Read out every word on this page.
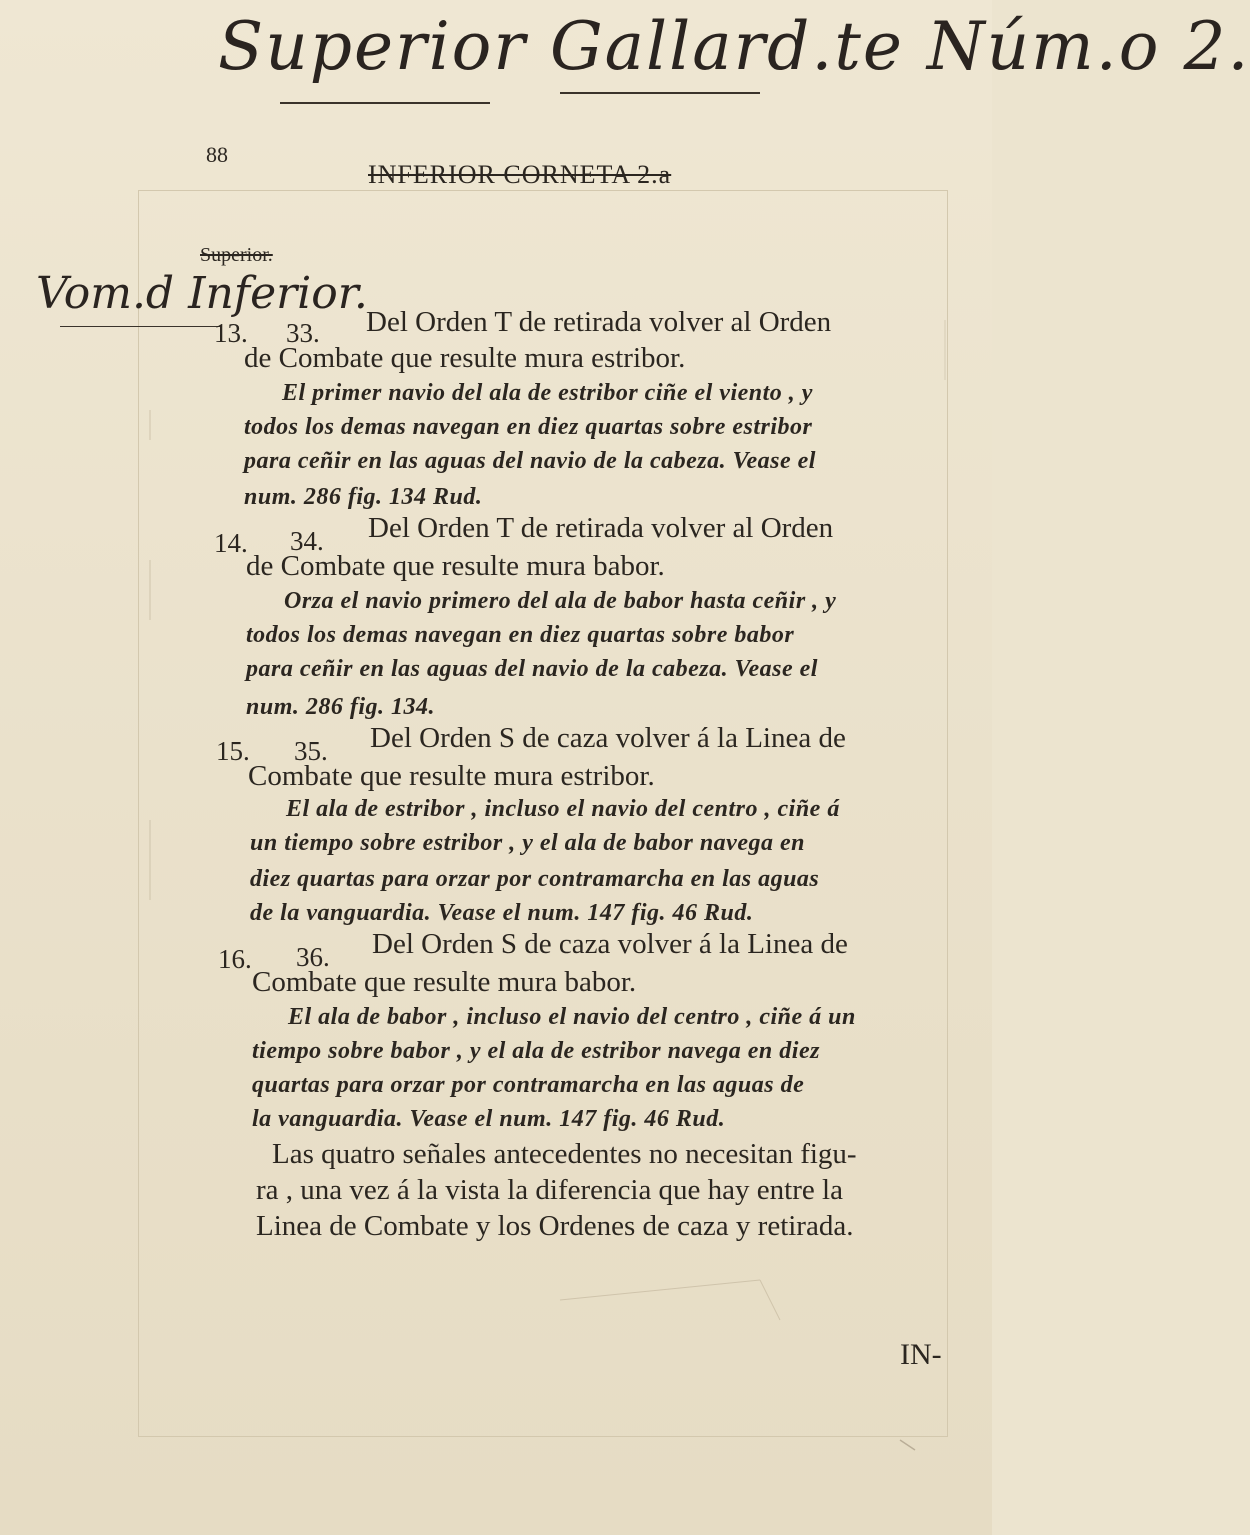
Superior Gallard.te Núm.o 2.
Vom.d Inferior.
88
INFERIOR CORNETA 2.a
Superior.
13. 33. Del Orden T de retirada volver al Orden
de Combate que resulte mura estribor.
El primer navio del ala de estribor ciñe el viento , y
todos los demas navegan en diez quartas sobre estribor
para ceñir en las aguas del navio de la cabeza. Vease el
num. 286 fig. 134 Rud.
14. 34. Del Orden T de retirada volver al Orden
de Combate que resulte mura babor.
Orza el navio primero del ala de babor hasta ceñir , y
todos los demas navegan en diez quartas sobre babor
para ceñir en las aguas del navio de la cabeza. Vease el
num. 286 fig. 134.
15. 35. Del Orden S de caza volver á la Linea de
Combate que resulte mura estribor.
El ala de estribor , incluso el navio del centro , ciñe á
un tiempo sobre estribor , y el ala de babor navega en
diez quartas para orzar por contramarcha en las aguas
de la vanguardia. Vease el num. 147 fig. 46 Rud.
16. 36. Del Orden S de caza volver á la Linea de
Combate que resulte mura babor.
El ala de babor , incluso el navio del centro , ciñe á un
tiempo sobre babor , y el ala de estribor navega en diez
quartas para orzar por contramarcha en las aguas de
la vanguardia. Vease el num. 147 fig. 46 Rud.
Las quatro señales antecedentes no necesitan figu-
ra , una vez á la vista la diferencia que hay entre la
Linea de Combate y los Ordenes de caza y retirada.
IN-
